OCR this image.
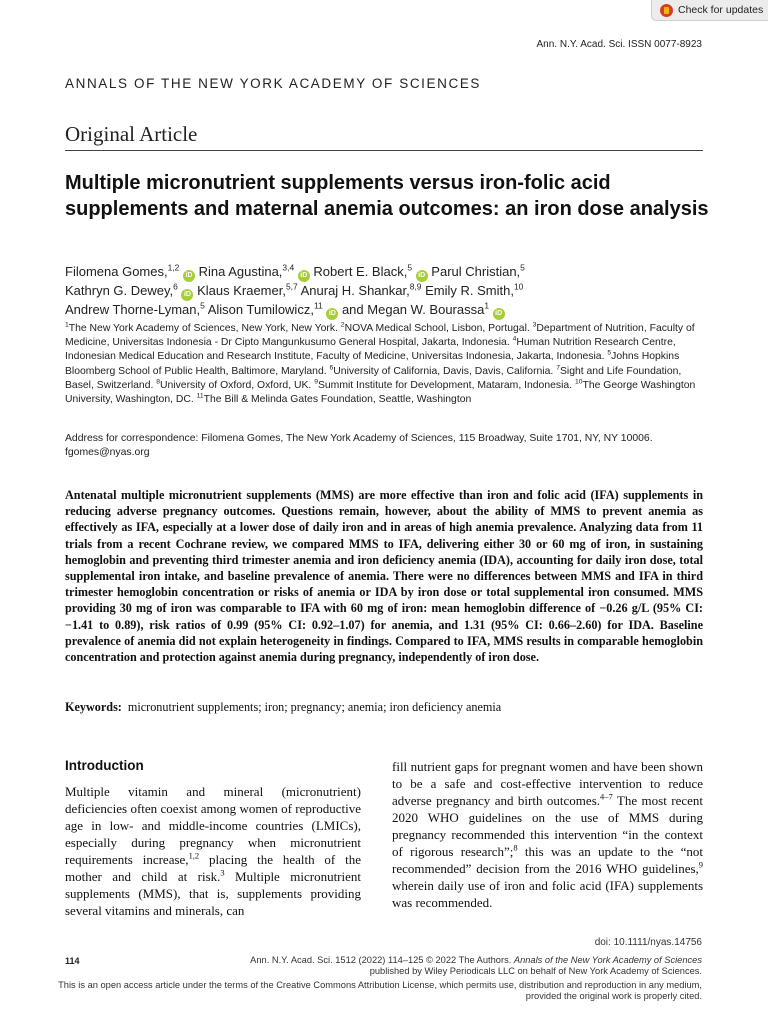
Check for updates
Ann. N.Y. Acad. Sci. ISSN 0077-8923
ANNALS OF THE NEW YORK ACADEMY OF SCIENCES
Original Article
Multiple micronutrient supplements versus iron-folic acid supplements and maternal anemia outcomes: an iron dose analysis
Filomena Gomes,$^{1,2}$ iD Rina Agustina,$^{3,4}$ iD Robert E. Black,$^5$ iD Parul Christian,$^5$
Kathryn G. Dewey,$^6$ iD Klaus Kraemer,$^{5,7}$ Anuraj H. Shankar,$^{8,9}$ Emily R. Smith,$^{10}$
Andrew Thorne-Lyman,$^5$ Alison Tumilowicz,$^{11}$ iD and Megan W. Bourassa$^1$ iD
$^1$The New York Academy of Sciences, New York, New York. $^2$NOVA Medical School, Lisbon, Portugal. $^3$Department of Nutrition, Faculty of Medicine, Universitas Indonesia - Dr Cipto Mangunkusumo General Hospital, Jakarta, Indonesia. $^4$Human Nutrition Research Centre, Indonesian Medical Education and Research Institute, Faculty of Medicine, Universitas Indonesia, Jakarta, Indonesia. $^5$Johns Hopkins Bloomberg School of Public Health, Baltimore, Maryland. $^6$University of California, Davis, Davis, California. $^7$Sight and Life Foundation, Basel, Switzerland. $^8$University of Oxford, Oxford, UK. $^9$Summit Institute for Development, Mataram, Indonesia. $^{10}$The George Washington University, Washington, DC. $^{11}$The Bill & Melinda Gates Foundation, Seattle, Washington
Address for correspondence: Filomena Gomes, The New York Academy of Sciences, 115 Broadway, Suite 1701, NY, NY 10006. fgomes@nyas.org
Antenatal multiple micronutrient supplements (MMS) are more effective than iron and folic acid (IFA) supplements in reducing adverse pregnancy outcomes. Questions remain, however, about the ability of MMS to prevent anemia as effectively as IFA, especially at a lower dose of daily iron and in areas of high anemia prevalence. Analyzing data from 11 trials from a recent Cochrane review, we compared MMS to IFA, delivering either 30 or 60 mg of iron, in sustaining hemoglobin and preventing third trimester anemia and iron deficiency anemia (IDA), accounting for daily iron dose, total supplemental iron intake, and baseline prevalence of anemia. There were no differences between MMS and IFA in third trimester hemoglobin concentration or risks of anemia or IDA by iron dose or total supplemental iron consumed. MMS providing 30 mg of iron was comparable to IFA with 60 mg of iron: mean hemoglobin difference of −0.26 g/L (95% CI: −1.41 to 0.89), risk ratios of 0.99 (95% CI: 0.92–1.07) for anemia, and 1.31 (95% CI: 0.66–2.60) for IDA. Baseline prevalence of anemia did not explain heterogeneity in findings. Compared to IFA, MMS results in comparable hemoglobin concentration and protection against anemia during pregnancy, independently of iron dose.
Keywords: micronutrient supplements; iron; pregnancy; anemia; iron deficiency anemia
Introduction

Multiple vitamin and mineral (micronutrient) deficiencies often coexist among women of reproductive age in low- and middle-income countries (LMICs), especially during pregnancy when micronutrient requirements increase,$^{1,2}$ placing the health of the mother and child at risk.$^3$ Multiple micronutrient supplements (MMS), that is, supplements providing several vitamins and minerals, can

fill nutrient gaps for pregnant women and have been shown to be a safe and cost-effective intervention to reduce adverse pregnancy and birth outcomes.$^{4-7}$ The most recent 2020 WHO guidelines on the use of MMS during pregnancy recommended this intervention “in the context of rigorous research”;$^8$ this was an update to the “not recommended” decision from the 2016 WHO guidelines,$^9$ wherein daily use of iron and folic acid (IFA) supplements was recommended.

doi: 10.1111/nyas.14756
114	Ann. N.Y. Acad. Sci. 1512 (2022) 114–125 © 2022 The Authors. Annals of the New York Academy of Sciences
published by Wiley Periodicals LLC on behalf of New York Academy of Sciences.
This is an open access article under the terms of the Creative Commons Attribution License, which permits use, distribution and reproduction in any medium, provided the original work is properly cited.
